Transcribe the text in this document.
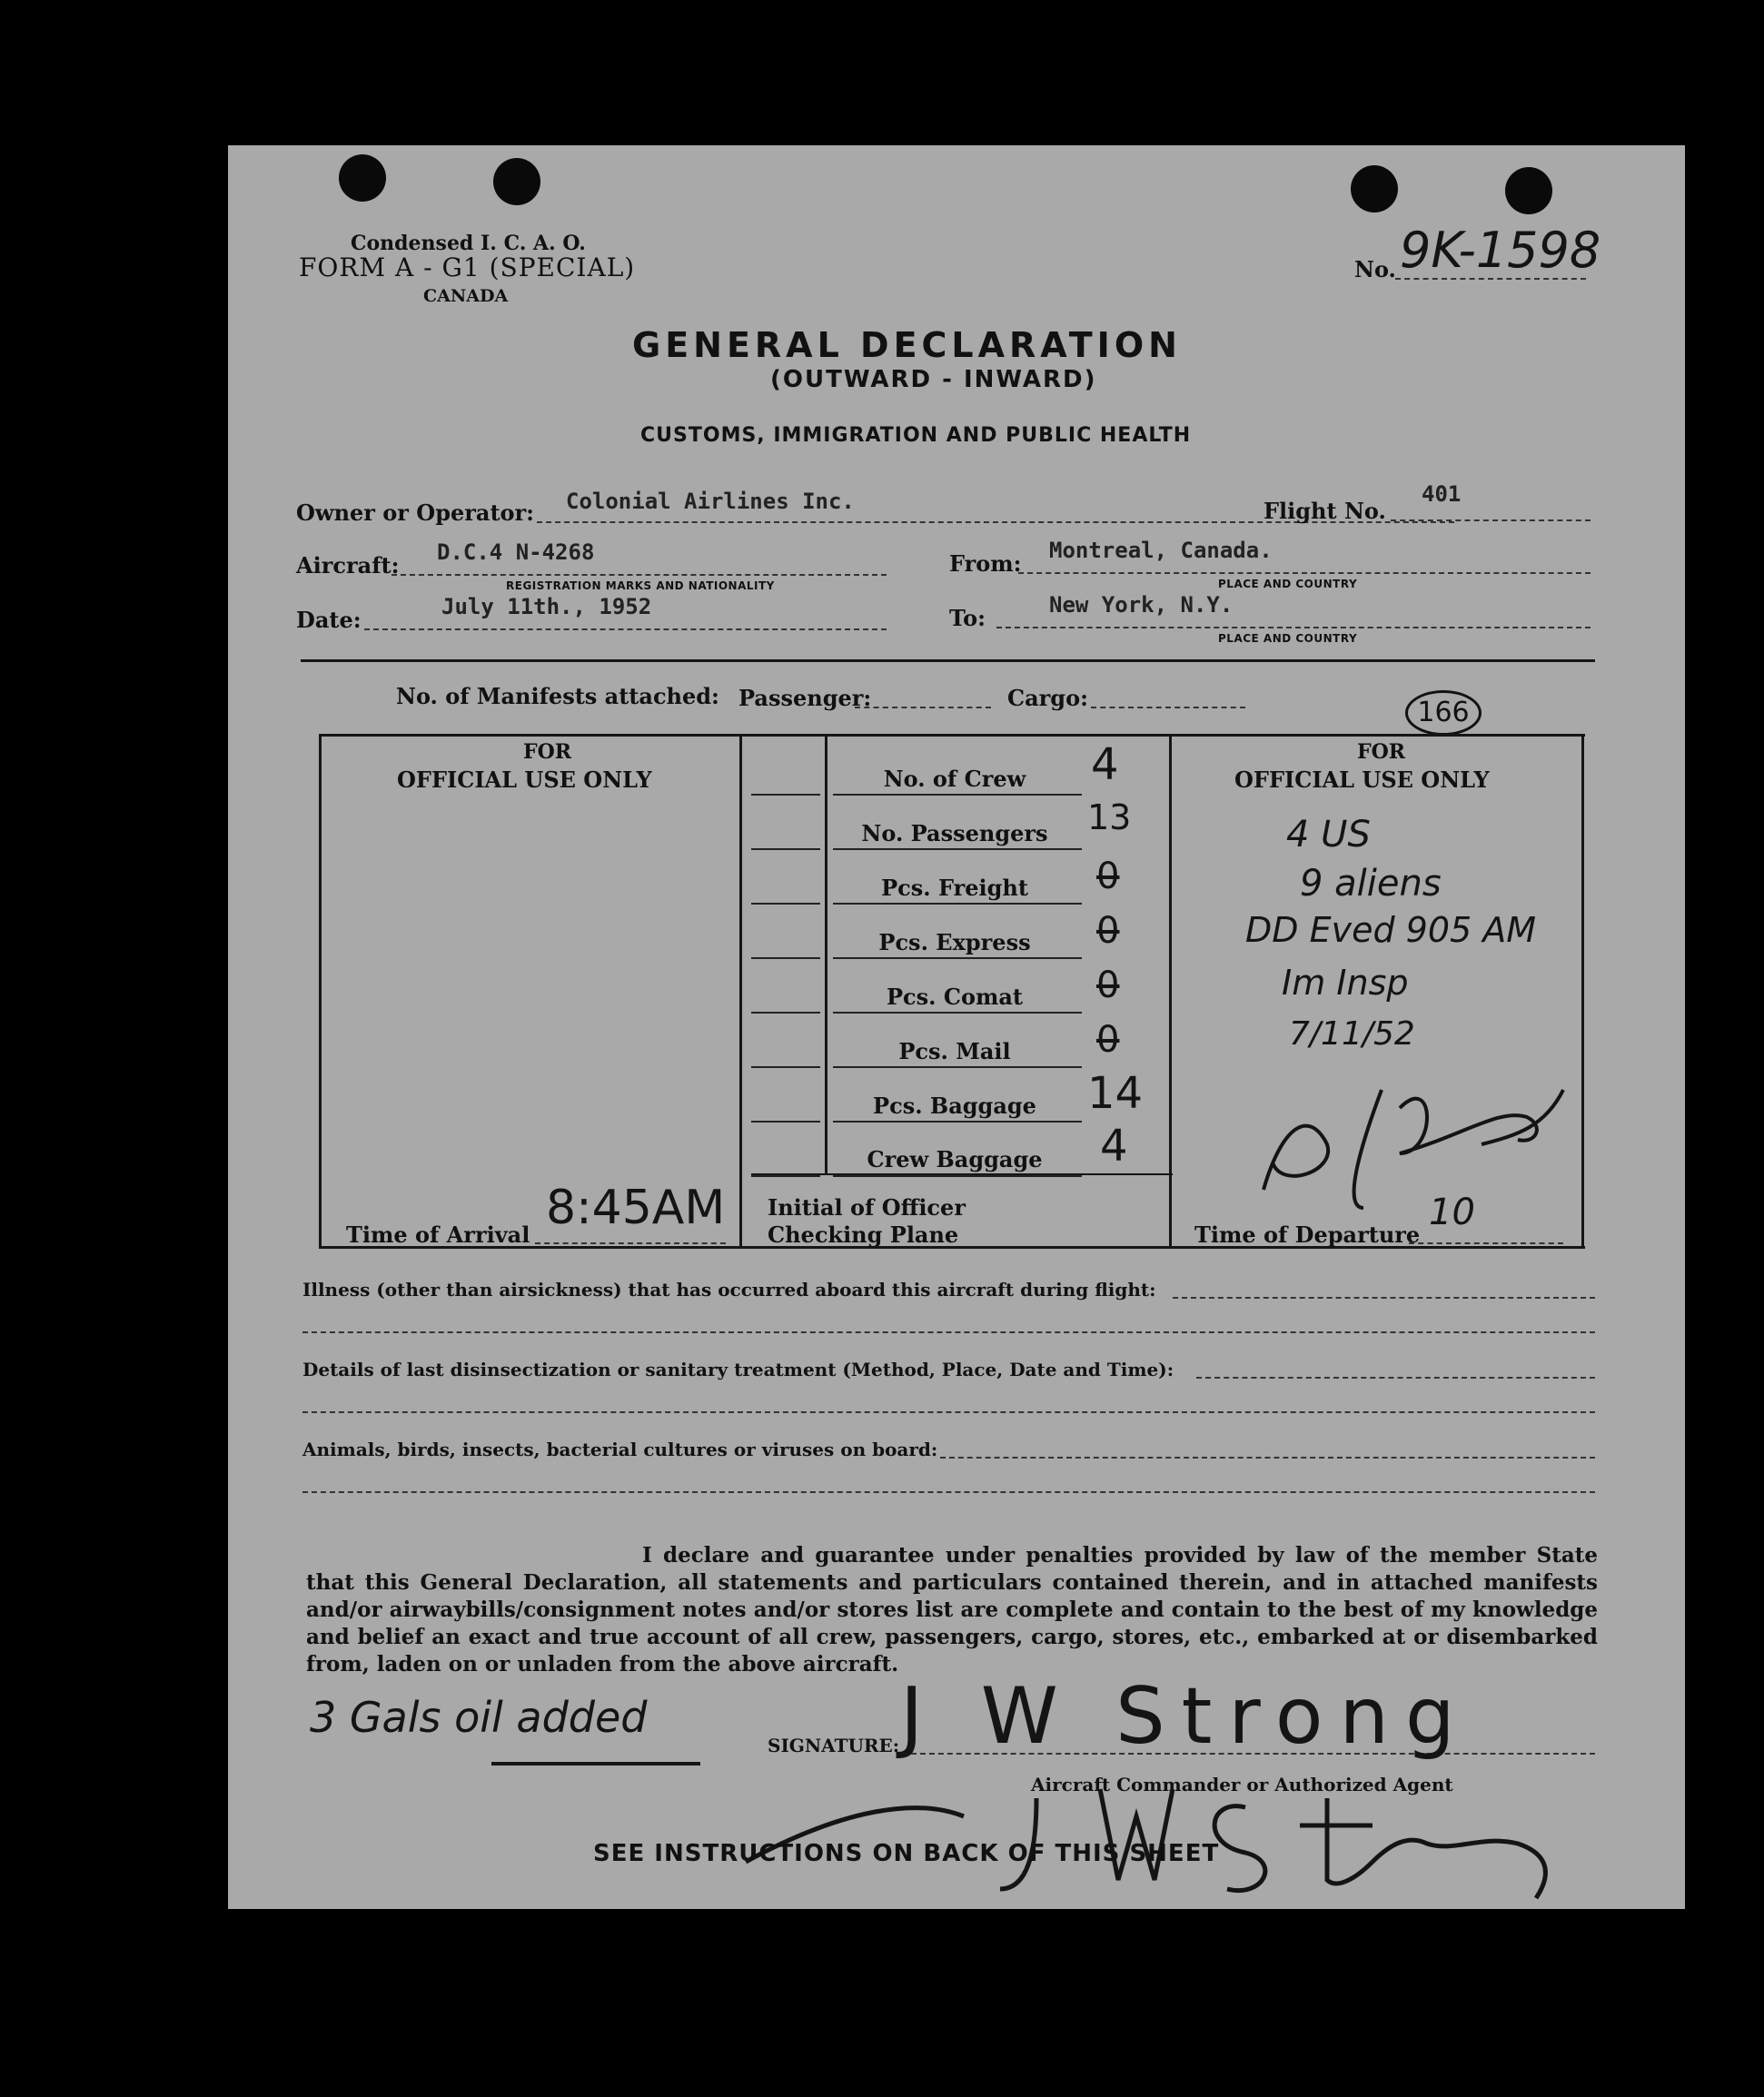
Condensed I. C. A. O.
FORM A - G1 (SPECIAL)
CANADA
No. 9K-1598
GENERAL DECLARATION
(OUTWARD - INWARD)
CUSTOMS, IMMIGRATION AND PUBLIC HEALTH
Owner or Operator: Colonial Airlines Inc.	Flight No.
401
Aircraft: D.C.4 N-4268
REGISTRATION MARKS AND NATIONALITY
From: Montreal, Canada.
PLACE AND COUNTRY
Date:	July 11th., 1952	To:	New York, N.Y.
PLACE AND COUNTRY
No. of Manifests attached: Passenger:	Cargo:	166
FOR
OFFICIAL USE ONLY
FOR
OFFICIAL USE ONLY
No. of Crew	4
No. Passengers	13
Pcs. Freight	0
Pcs. Express	0
Pcs. Comat	0
Pcs. Mail	0
Pcs. Baggage	14
Crew Baggage	4
4 US
9 aliens
DD Eved 905 AM
Im Insp
7/11/52
Time of Arrival 8:45AM Initial of Officer
Checking Plane	Time of Departure
10
Illness (other than airsickness) that has occurred aboard this aircraft during flight:
Details of last disinsectization or sanitary treatment (Method, Place, Date and Time):
Animals, birds, insects, bacterial cultures or viruses on board:
I declare and guarantee under penalties provided by law of the member State that this General Declaration, all statements and particulars contained therein, and in attached manifests and/or airwaybills/consignment notes and/or stores list are complete and contain to the best of my knowledge and belief an exact and true account of all crew, passengers, cargo, stores, etc., embarked at or disembarked from, laden on or unladen from the above aircraft.
3 Gals oil added
SIGNATURE: J W Strong
Aircraft Commander or Authorized Agent
SEE INSTRUCTIONS ON BACK OF THIS SHEET
